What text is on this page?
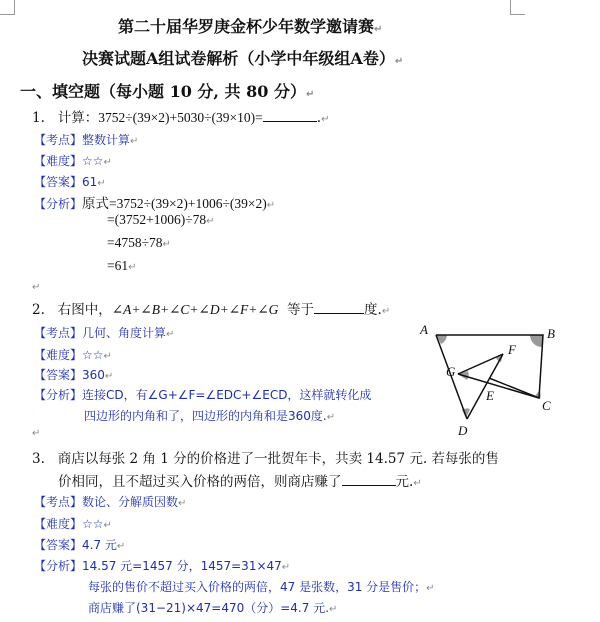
第二十届华罗庚金杯少年数学邀请赛↵
决赛试题A组试卷解析（小学中年级组A卷）↵
一、填空题（每小题 10 分, 共 80 分）↵
1. 计算：3752÷(39×2)+5030÷(39×10)=	.↵
【考点】整数计算↵
【难度】☆☆↵
【答案】61↵
【分析】原式=3752÷(39×2)+1006÷(39×2)↵
=(3752+1006)÷78↵
=4758÷78↵
=61↵
↵
2. 右图中，∠A+∠B+∠C+∠D+∠F+∠G 等于	度.↵
【考点】几何、角度计算↵
【难度】☆☆↵
【答案】360↵
【分析】连接CD，有∠G+∠F=∠EDC+∠ECD，这样就转化成
四边形的内角和了，四边形的内角和是360度.↵
↵
A	B
C
D
E
F
G
3. 商店以每张 2 角 1 分的价格进了一批贺年卡，共卖 14.57 元. 若每张的售
价相同，且不超过买入价格的两倍，则商店赚了	元.↵
【考点】数论、分解质因数↵
【难度】☆☆↵
【答案】4.7 元↵
【分析】14.57 元=1457 分，1457=31×47↵
每张的售价不超过买入价格的两倍，47 是张数，31 分是售价；↵
商店赚了(31−21)×47=470（分）=4.7 元.↵
